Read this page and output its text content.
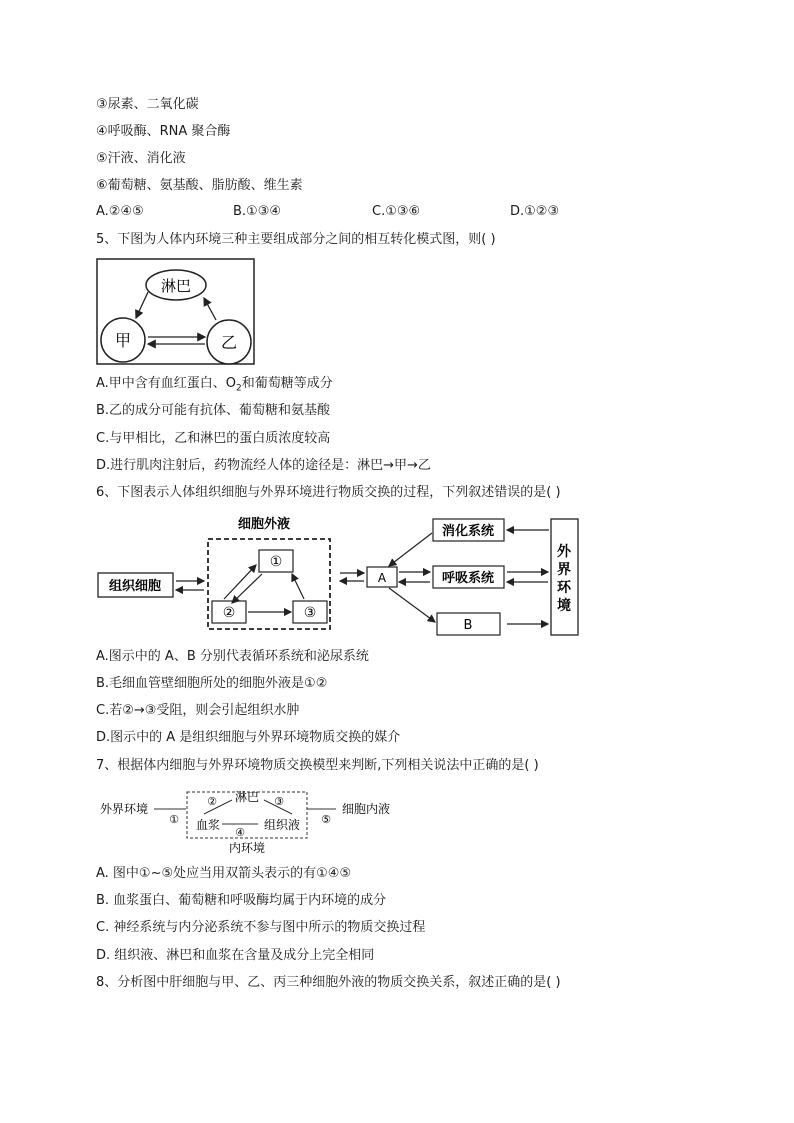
③尿素、二氧化碳
④呼吸酶、RNA 聚合酶
⑤汗液、消化液
⑥葡萄糖、氨基酸、脂肪酸、维生素
A.②④⑤	B.①③④	C.①③⑥	D.①②③
5、下图为人体内环境三种主要组成部分之间的相互转化模式图，则( )
淋巴
甲	乙
A.甲中含有血红蛋白、$O_2$和葡萄糖等成分
B.乙的成分可能有抗体、葡萄糖和氨基酸
C.与甲相比，乙和淋巴的蛋白质浓度较高
D.进行肌肉注射后，药物流经人体的途径是：淋巴→甲→乙
6、下图表示人体组织细胞与外界环境进行物质交换的过程，下列叙述错误的是( )
细胞外液
①
②	③
组织细胞
A
消化系统
呼吸系统
B
外
界
环
境
A.图示中的 A、B 分别代表循环系统和泌尿系统
B.毛细血管壁细胞所处的细胞外液是①②
C.若②→③受阻，则会引起组织水肿
D.图示中的 A 是组织细胞与外界环境物质交换的媒介
7、根据体内细胞与外界环境物质交换模型来判断,下列相关说法中正确的是( )
外界环境
①
淋巴
②	③
血浆
④
组织液 ⑤
细胞内液
内环境
A. 图中①~⑤处应当用双箭头表示的有①④⑤
B. 血浆蛋白、葡萄糖和呼吸酶均属于内环境的成分
C. 神经系统与内分泌系统不参与图中所示的物质交换过程
D. 组织液、淋巴和血浆在含量及成分上完全相同
8、分析图中肝细胞与甲、乙、丙三种细胞外液的物质交换关系，叙述正确的是( )
